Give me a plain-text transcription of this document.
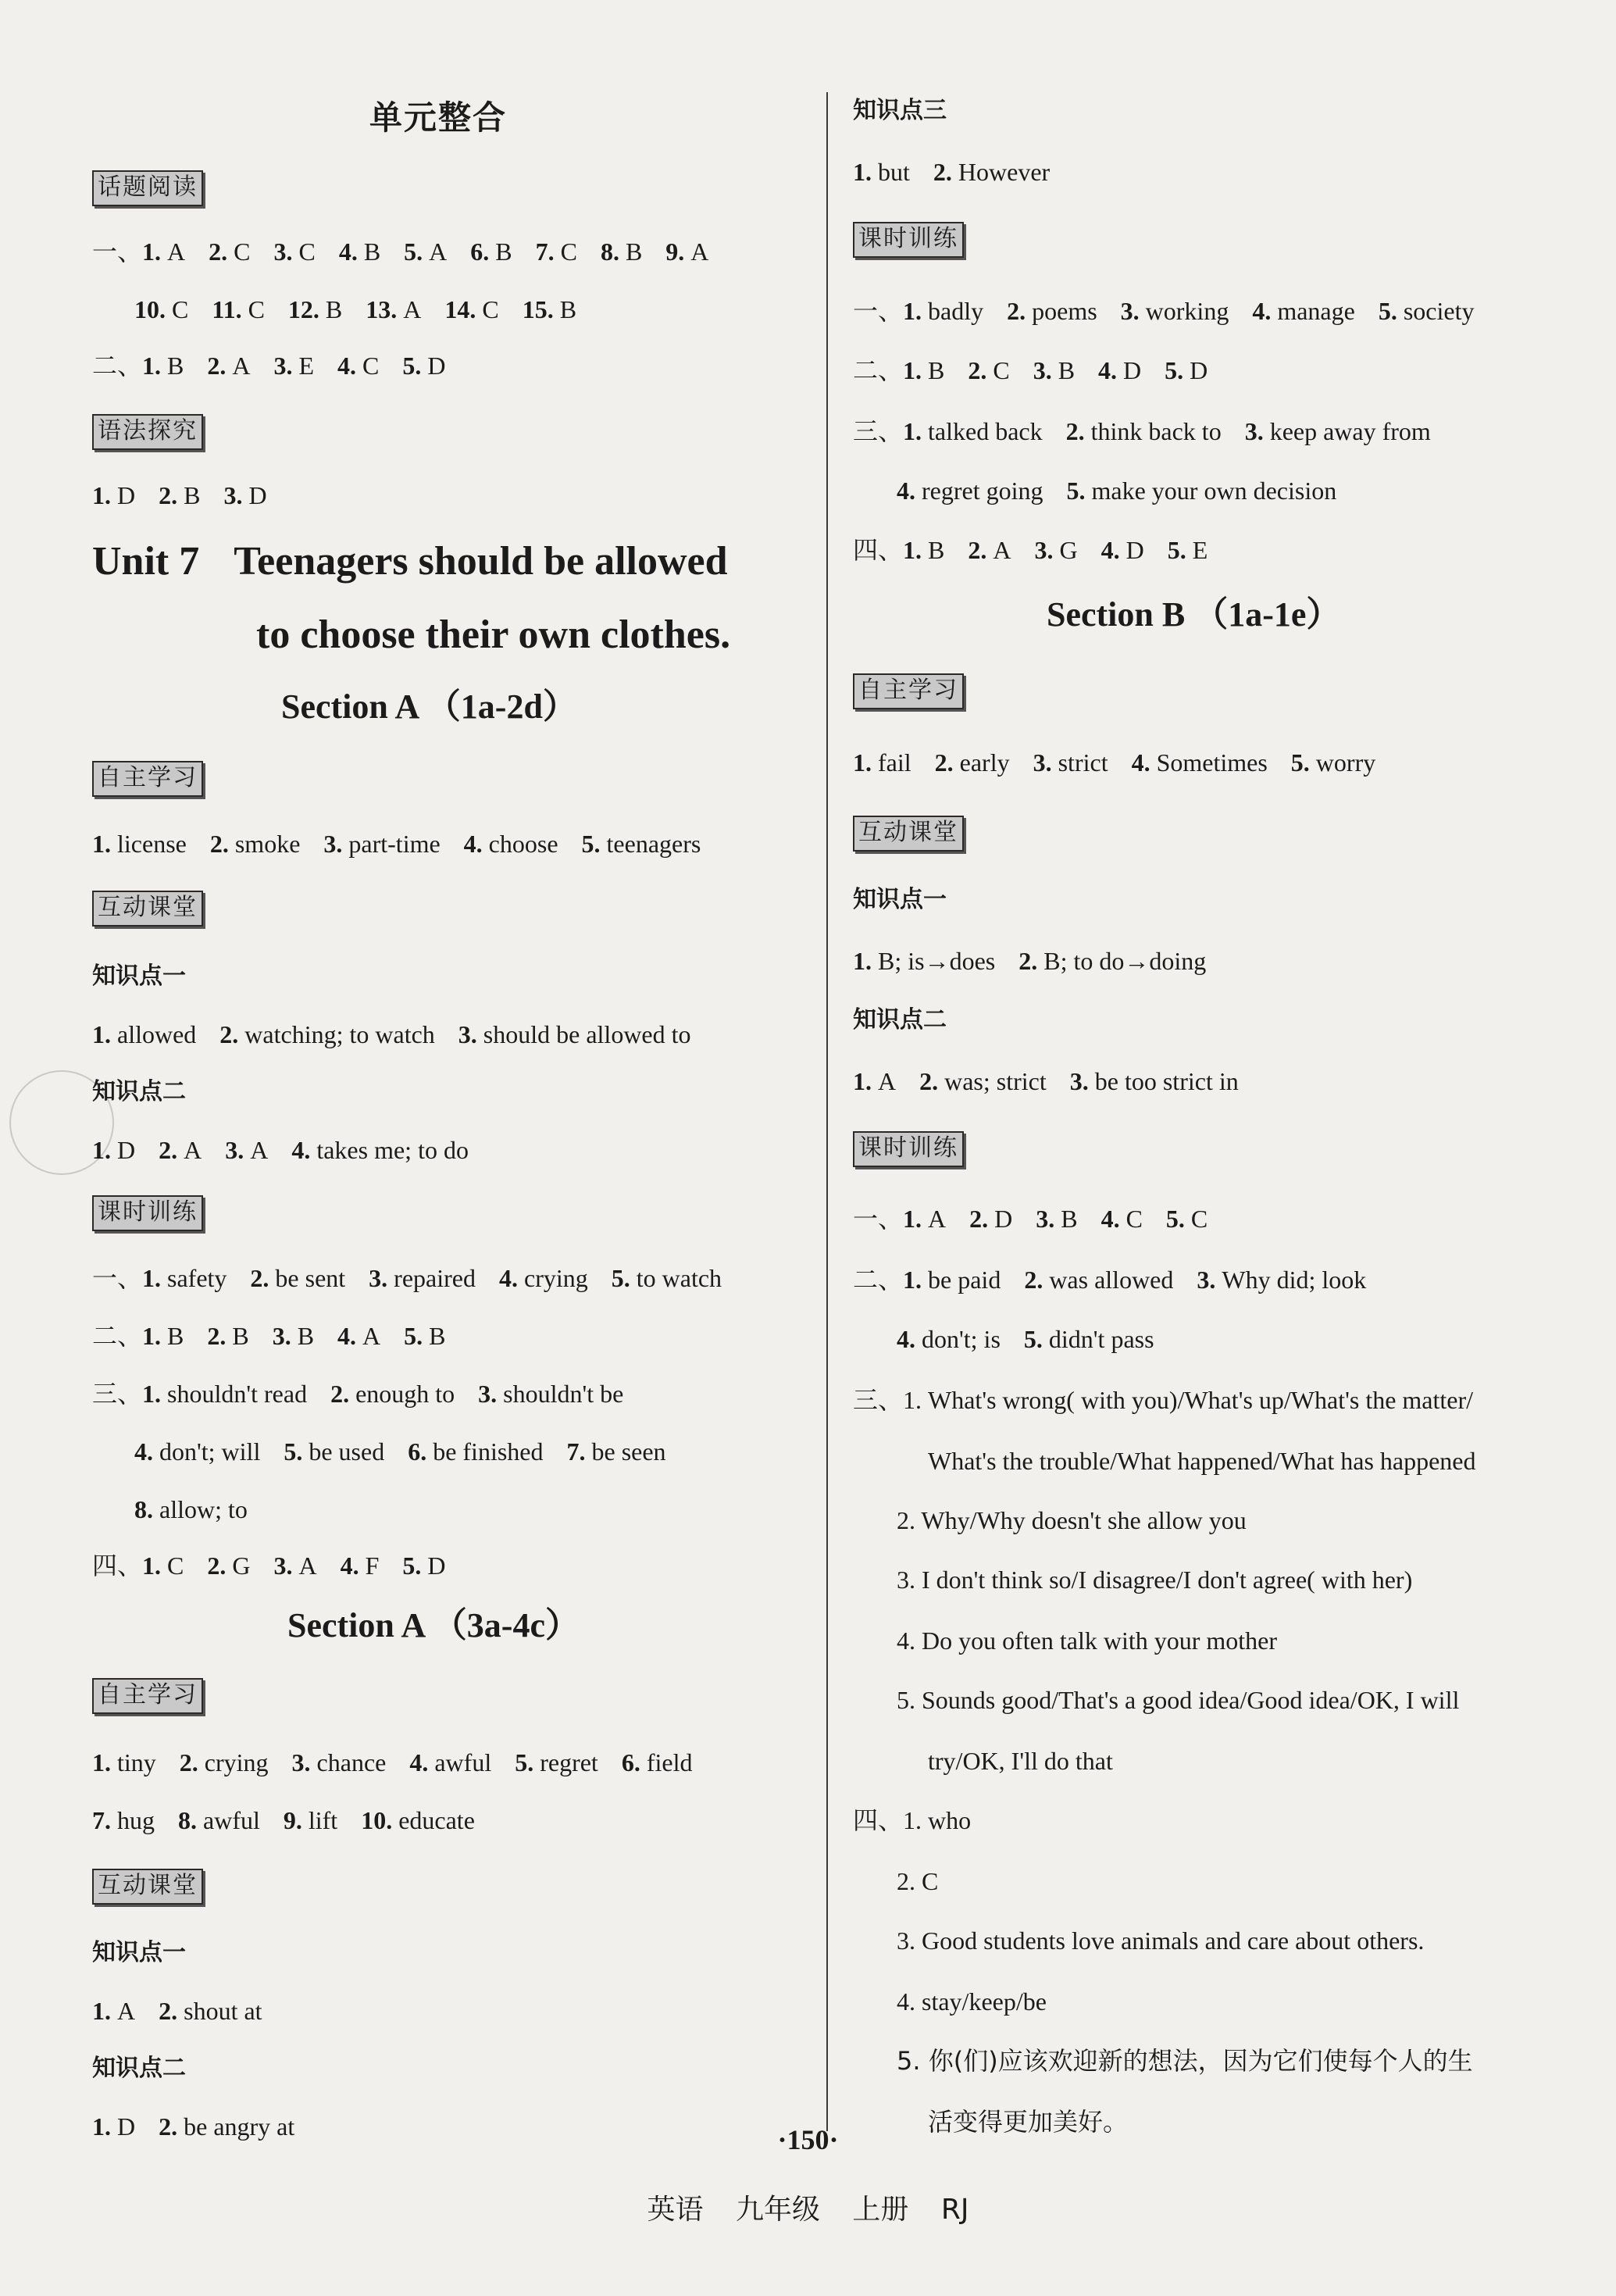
单元整合
话题阅读
一、1. A 2. C 3. C 4. B 5. A 6. B 7. C 8. B 9. A
10. C 11. C 12. B 13. A 14. C 15. B
二、1. B 2. A 3. E 4. C 5. D
语法探究
1. D 2. B 3. D
Unit 7 Teenagers should be allowed
to choose their own clothes.
Section A （1a-2d）
自主学习
1. license 2. smoke 3. part-time 4. choose 5. teenagers
互动课堂
知识点一
1. allowed 2. watching; to watch 3. should be allowed to
知识点二
1. D 2. A 3. A 4. takes me; to do
课时训练
一、1. safety 2. be sent 3. repaired 4. crying 5. to watch
二、1. B 2. B 3. B 4. A 5. B
三、1. shouldn't read 2. enough to 3. shouldn't be
4. don't; will 5. be used 6. be finished 7. be seen
8. allow; to
四、1. C 2. G 3. A 4. F 5. D
Section A （3a-4c）
自主学习
1. tiny 2. crying 3. chance 4. awful 5. regret 6. field
7. hug 8. awful 9. lift 10. educate
互动课堂
知识点一
1. A 2. shout at
知识点二
1. D 2. be angry at
知识点三
1. but 2. However
课时训练
一、1. badly 2. poems 3. working 4. manage 5. society
二、1. B 2. C 3. B 4. D 5. D
三、1. talked back 2. think back to 3. keep away from
4. regret going 5. make your own decision
四、1. B 2. A 3. G 4. D 5. E
Section B （1a-1e）
自主学习
1. fail 2. early 3. strict 4. Sometimes 5. worry
互动课堂
知识点一
1. B; is→does 2. B; to do→doing
知识点二
1. A 2. was; strict 3. be too strict in
课时训练
一、1. A 2. D 3. B 4. C 5. C
二、1. be paid 2. was allowed 3. Why did; look
4. don't; is 5. didn't pass
三、1. What's wrong( with you)/What's up/What's the matter/
What's the trouble/What happened/What has happened
2. Why/Why doesn't she allow you
3. I don't think so/I disagree/I don't agree( with her)
4. Do you often talk with your mother
5. Sounds good/That's a good idea/Good idea/OK, I will
try/OK, I'll do that
四、1. who
2. C
3. Good students love animals and care about others.
4. stay/keep/be
5. 你(们)应该欢迎新的想法，因为它们使每个人的生
活变得更加美好。
·150·
英语 九年级 上册 RJ
